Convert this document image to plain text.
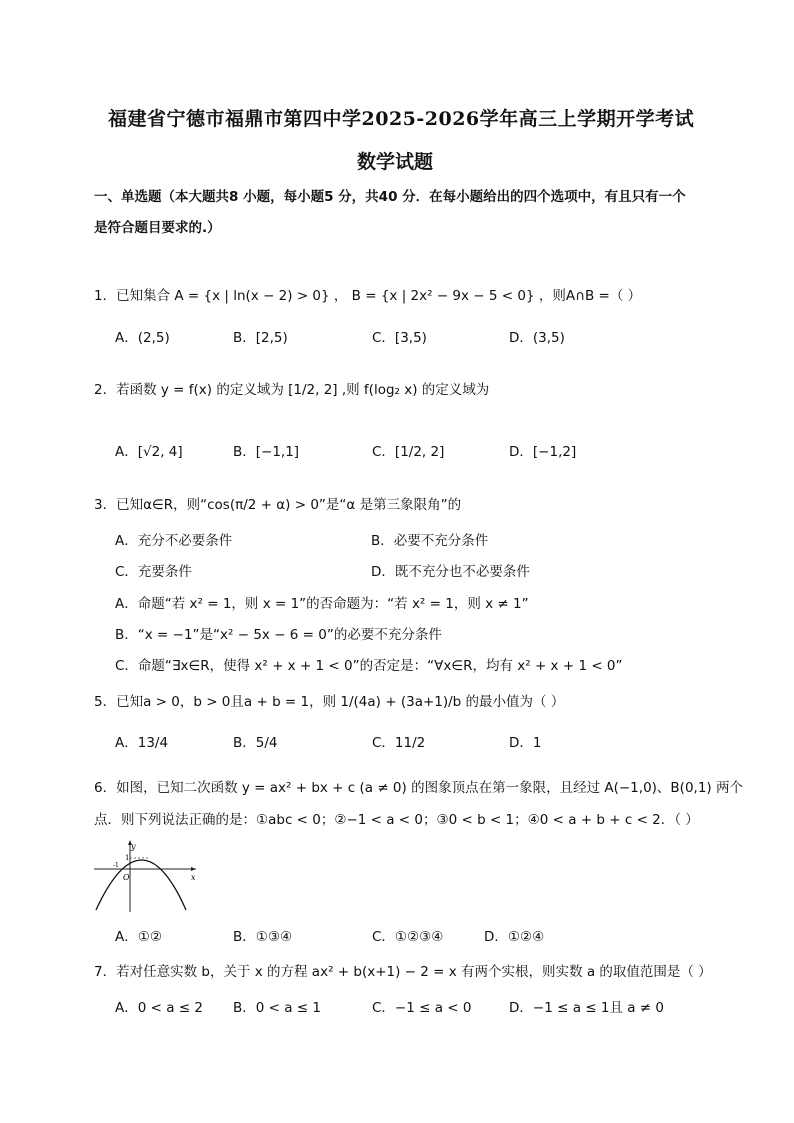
福建省宁德市福鼎市第四中学2025-2026学年高三上学期开学考试
数学试题
一、单选题（本大题共8 小题，每小题5 分，共40 分．在每小题给出的四个选项中，有且只有一个
是符合题目要求的.）
1．已知集合 A = {x | ln(x − 2) > 0} ， B = {x | 2x² − 9x − 5 < 0} ，则A∩B =（ ）
A．(2,5)	B．[2,5)	C．[3,5)	D．(3,5)
2．若函数 y = f(x) 的定义域为 [1/2, 2] ,则 f(log₂ x) 的定义域为
A．[√2, 4]	B．[−1,1]	C．[1/2, 2]	D．[−1,2]
3．已知α∈R，则“cos(π/2 + α) > 0”是“α 是第三象限角”的
A．充分不必要条件	B．必要不充分条件
C．充要条件	D．既不充分也不必要条件
A．命题“若 x² = 1，则 x = 1”的否命题为：“若 x² = 1，则 x ≠ 1”
B．“x = −1”是“x² − 5x − 6 = 0”的必要不充分条件
C．命题“∃x∈R，使得 x² + x + 1 < 0”的否定是：“∀x∈R，均有 x² + x + 1 < 0”
5．已知a > 0，b > 0且a + b = 1，则 1/(4a) + (3a+1)/b 的最小值为（ ）
A．13/4	B．5/4	C．11/2	D．1
6．如图，已知二次函数 y = ax² + bx + c (a ≠ 0) 的图象顶点在第一象限，且经过 A(−1,0)、B(0,1) 两个
点．则下列说法正确的是：①abc < 0；②−1 < a < 0；③0 < b < 1；④0 < a + b + c < 2．（ ）
y
x
O
1
-1
A．①②	B．①③④	C．①②③④	D．①②④
7．若对任意实数 b，关于 x 的方程 ax² + b(x+1) − 2 = x 有两个实根，则实数 a 的取值范围是（ ）
A．0 < a ≤ 2 B．0 < a ≤ 1	C．−1 ≤ a < 0	D．−1 ≤ a ≤ 1且 a ≠ 0
